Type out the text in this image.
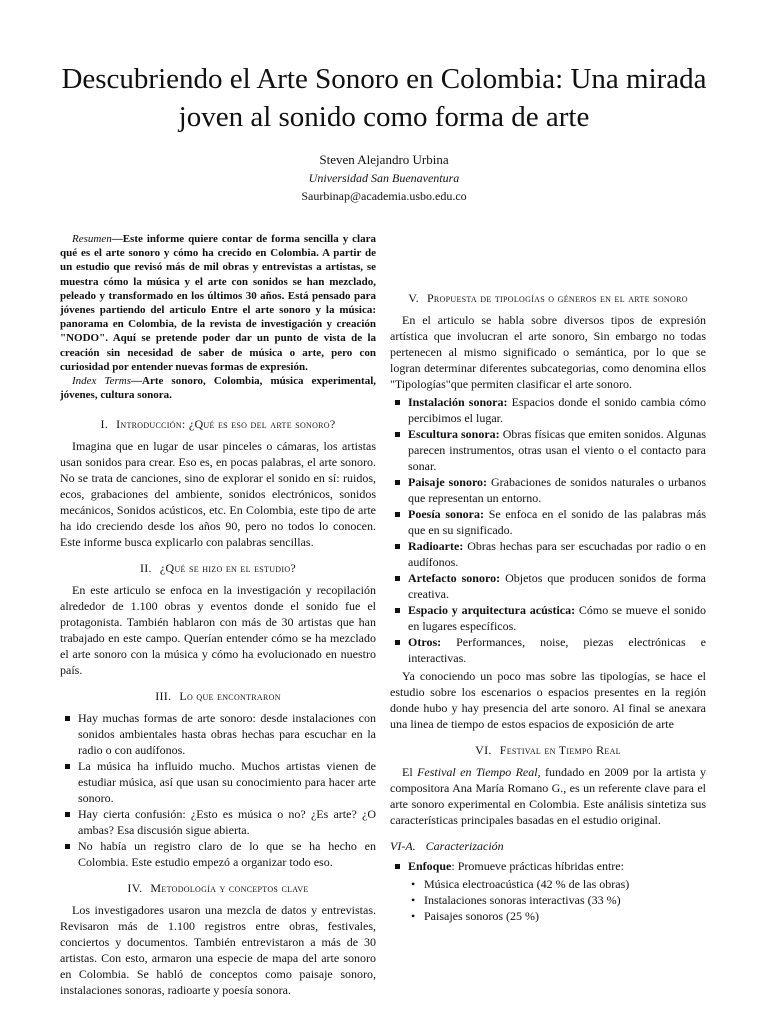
Descubriendo el Arte Sonoro en Colombia: Una mirada joven al sonido como forma de arte
Steven Alejandro Urbina
Universidad San Buenaventura
Saurbinap@academia.usbo.edu.co

Resumen—Este informe quiere contar de forma sencilla y clara qué es el arte sonoro y cómo ha crecido en Colombia. A partir de un estudio que revisó más de mil obras y entrevistas a artistas, se muestra cómo la música y el arte con sonidos se han mezclado, peleado y transformado en los últimos 30 años. Está pensado para jóvenes partiendo del articulo Entre el arte sonoro y la música: panorama en Colombia, de la revista de investigación y creación "NODO". Aquí se pretende poder dar un punto de vista de la creación sin necesidad de saber de música o arte, pero con curiosidad por entender nuevas formas de expresión.

Index Terms—Arte sonoro, Colombia, música experimental, jóvenes, cultura sonora.

I. Introducción: ¿Qué es eso del arte sonoro?

Imagina que en lugar de usar pinceles o cámaras, los artistas usan sonidos para crear. Eso es, en pocas palabras, el arte sonoro. No se trata de canciones, sino de explorar el sonido en sí: ruidos, ecos, grabaciones del ambiente, sonidos electrónicos, sonidos mecánicos, Sonidos acústicos, etc. En Colombia, este tipo de arte ha ido creciendo desde los años 90, pero no todos lo conocen. Este informe busca explicarlo con palabras sencillas.

II. ¿Qué se hizo en el estudio?

En este articulo se enfoca en la investigación y recopilación alrededor de 1.100 obras y eventos donde el sonido fue el protagonista. También hablaron con más de 30 artistas que han trabajado en este campo. Querían entender cómo se ha mezclado el arte sonoro con la música y cómo ha evolucionado en nuestro país.

III. Lo que encontraron
Hay muchas formas de arte sonoro: desde instalaciones con sonidos ambientales hasta obras hechas para escuchar en la radio o con audífonos.
La música ha influido mucho. Muchos artistas vienen de estudiar música, así que usan su conocimiento para hacer arte sonoro.
Hay cierta confusión: ¿Esto es música o no? ¿Es arte? ¿O ambas? Esa discusión sigue abierta.
No había un registro claro de lo que se ha hecho en Colombia. Este estudio empezó a organizar todo eso.
IV. Metodología y conceptos clave

Los investigadores usaron una mezcla de datos y entrevistas. Revisaron más de 1.100 registros entre obras, festivales, conciertos y documentos. También entrevistaron a más de 30 artistas. Con esto, armaron una especie de mapa del arte sonoro en Colombia. Se habló de conceptos como paisaje sonoro, instalaciones sonoras, radioarte y poesía sonora.

V. Propuesta de tipologías o géneros en el arte sonoro

En el articulo se habla sobre diversos tipos de expresión artística que involucran el arte sonoro, Sin embargo no todas pertenecen al mismo significado o semántica, por lo que se logran determinar diferentes subcategorias, como denomina ellos "Tipologías"que permiten clasificar el arte sonoro.

Instalación sonora: Espacios donde el sonido cambia cómo percibimos el lugar.
Escultura sonora: Obras físicas que emiten sonidos. Algunas parecen instrumentos, otras usan el viento o el contacto para sonar.
Paisaje sonoro: Grabaciones de sonidos naturales o urbanos que representan un entorno.
Poesía sonora: Se enfoca en el sonido de las palabras más que en su significado.
Radioarte: Obras hechas para ser escuchadas por radio o en audífonos.
Artefacto sonoro: Objetos que producen sonidos de forma creativa.
Espacio y arquitectura acústica: Cómo se mueve el sonido en lugares específicos.
Otros: Performances, noise, piezas electrónicas e interactivas.

Ya conociendo un poco mas sobre las tipologías, se hace el estudio sobre los escenarios o espacios presentes en la región donde hubo y hay presencia del arte sonoro. Al final se anexara una linea de tiempo de estos espacios de exposición de arte

VI. Festival en Tiempo Real

El Festival en Tiempo Real, fundado en 2009 por la artista y compositora Ana María Romano G., es un referente clave para el arte sonoro experimental en Colombia. Este análisis sintetiza sus características principales basadas en el estudio original.

VI-A. Caracterización
Enfoque: Promueve prácticas híbridas entre:
• Música electroacústica (42 % de las obras)
• Instalaciones sonoras interactivas (33 %)
• Paisajes sonoros (25 %)
